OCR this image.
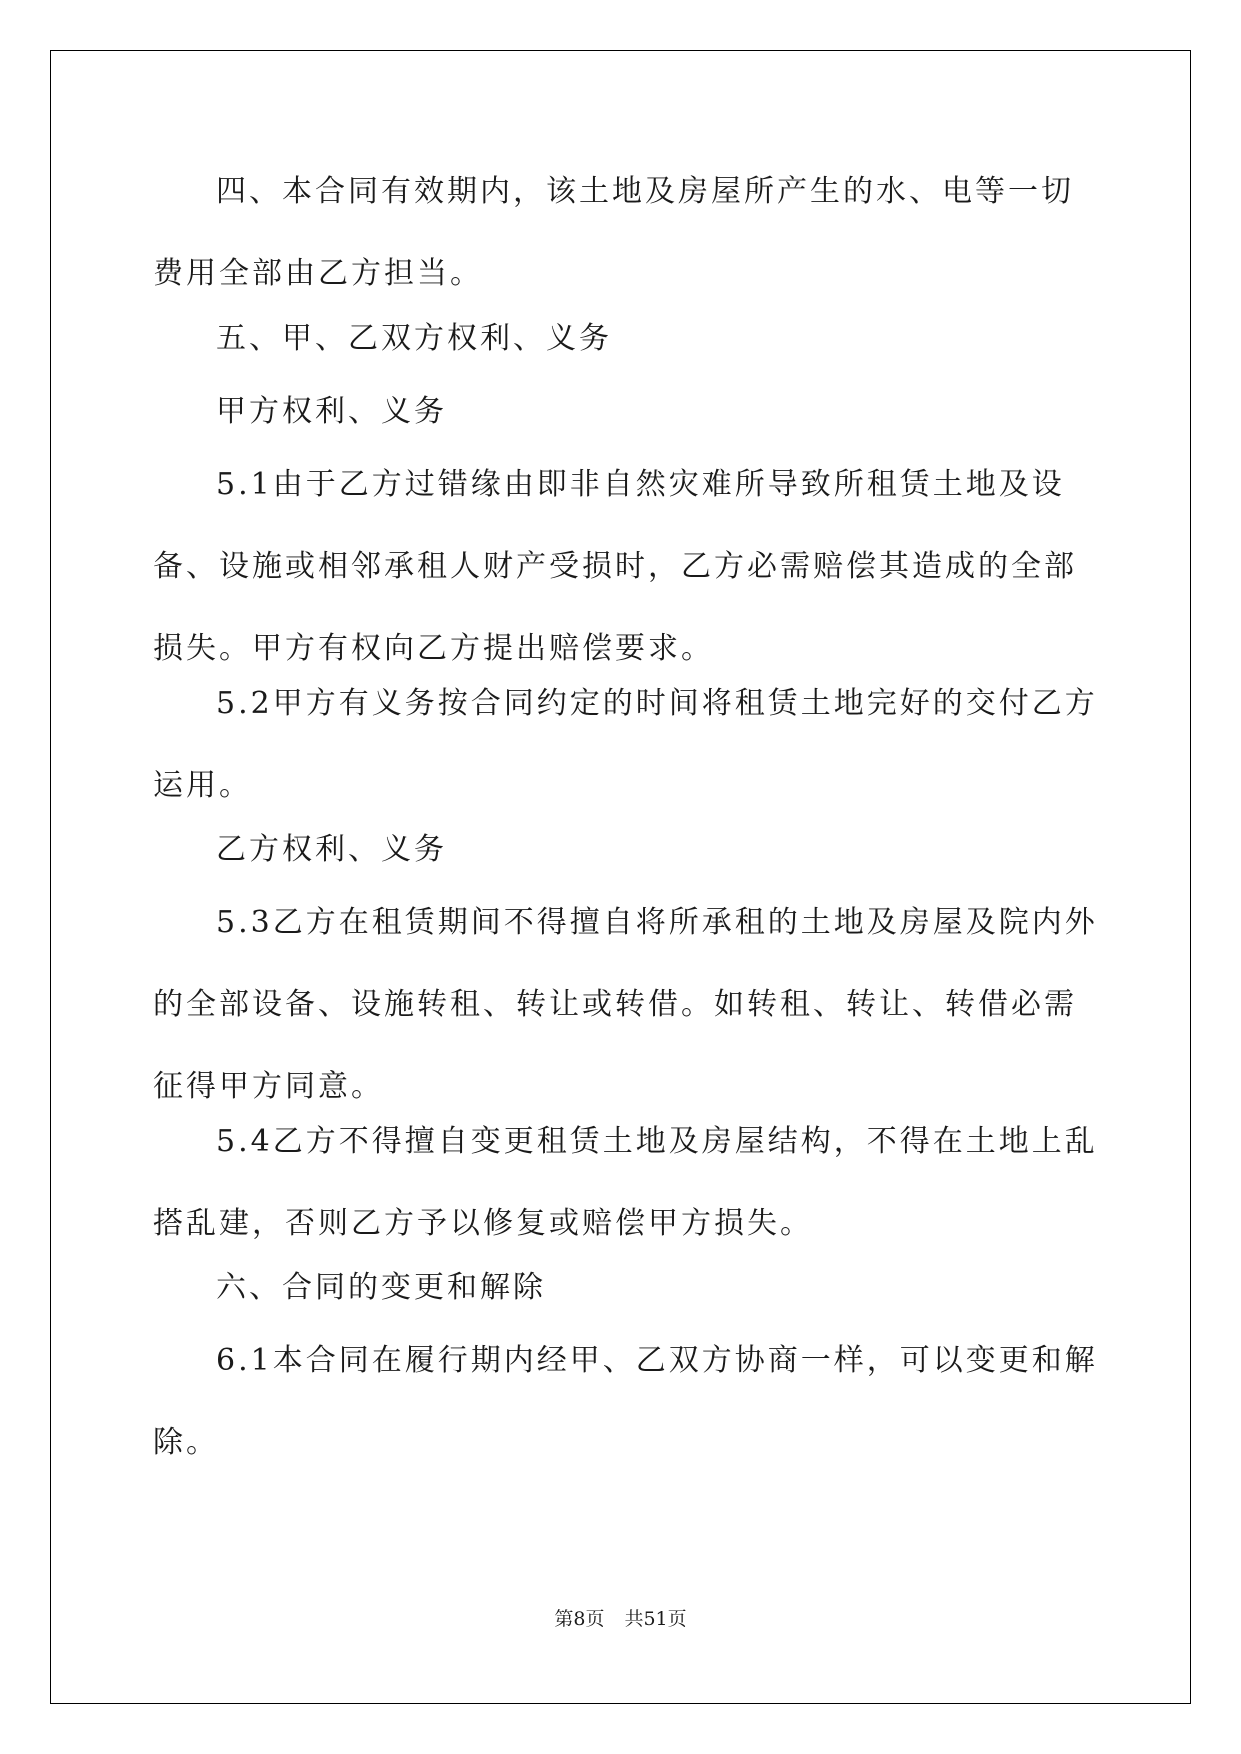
四、本合同有效期内，该土地及房屋所产生的水、电等一切费用全部由乙方担当。

五、甲、乙双方权利、义务

甲方权利、义务

5.1由于乙方过错缘由即非自然灾难所导致所租赁土地及设备、设施或相邻承租人财产受损时，乙方必需赔偿其造成的全部损失。甲方有权向乙方提出赔偿要求。

5.2甲方有义务按合同约定的时间将租赁土地完好的交付乙方运用。

乙方权利、义务

5.3乙方在租赁期间不得擅自将所承租的土地及房屋及院内外的全部设备、设施转租、转让或转借。如转租、转让、转借必需征得甲方同意。

5.4乙方不得擅自变更租赁土地及房屋结构，不得在土地上乱搭乱建，否则乙方予以修复或赔偿甲方损失。

六、合同的变更和解除

6.1本合同在履行期内经甲、乙双方协商一样，可以变更和解除。

第8页 共51页
